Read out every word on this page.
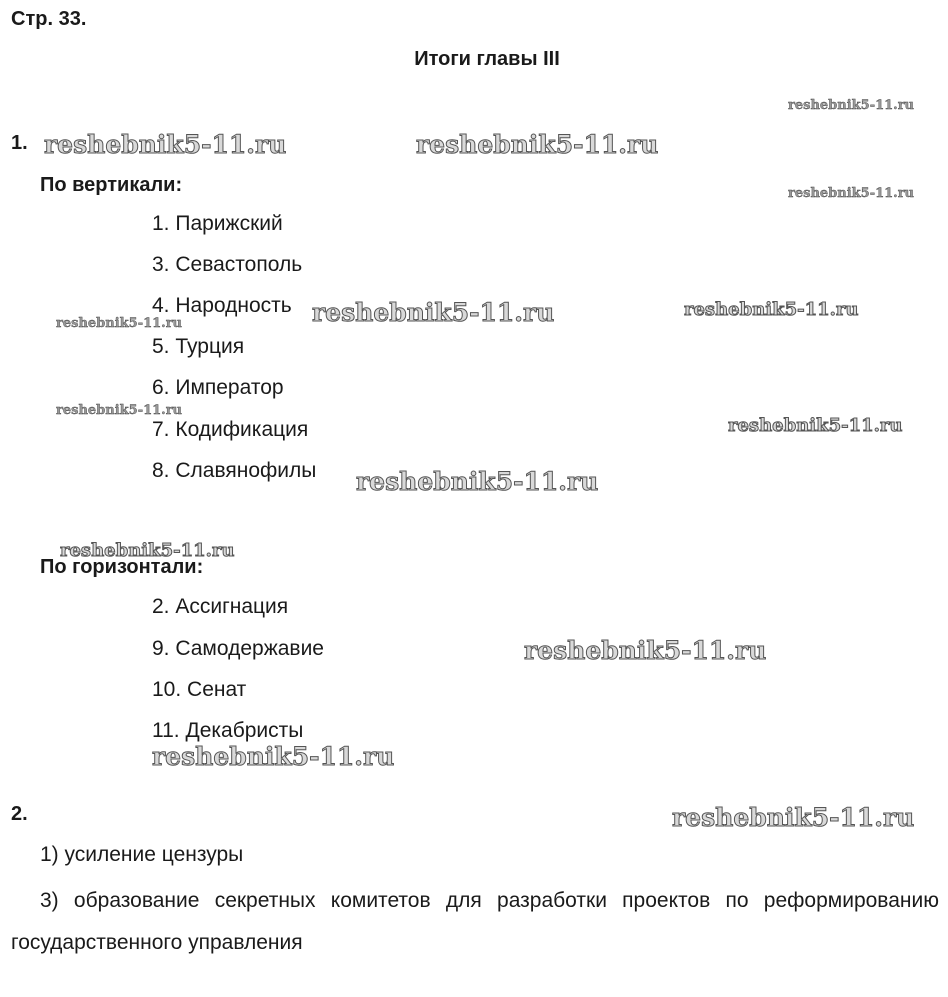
Стр. 33.
Итоги главы III
1.
По вертикали:
1. Парижский
3. Севастополь
4. Народность
5. Турция
6. Император
7. Кодификация
8. Славянофилы
По горизонтали:
2. Ассигнация
9. Самодержавие
10. Сенат
11. Декабристы
2.
1) усиление цензуры
3) образование секретных комитетов для разработки проектов по реформированию государственного управления
reshebnik5-11.ru
reshebnik5-11.ru	reshebnik5-11.ru
reshebnik5-11.ru
reshebnik5-11.ru	reshebnik5-11.ru
reshebnik5-11.ru
reshebnik5-11.ru
reshebnik5-11.ru
reshebnik5-11.ru
reshebnik5-11.ru
reshebnik5-11.ru
reshebnik5-11.ru
reshebnik5-11.ru
